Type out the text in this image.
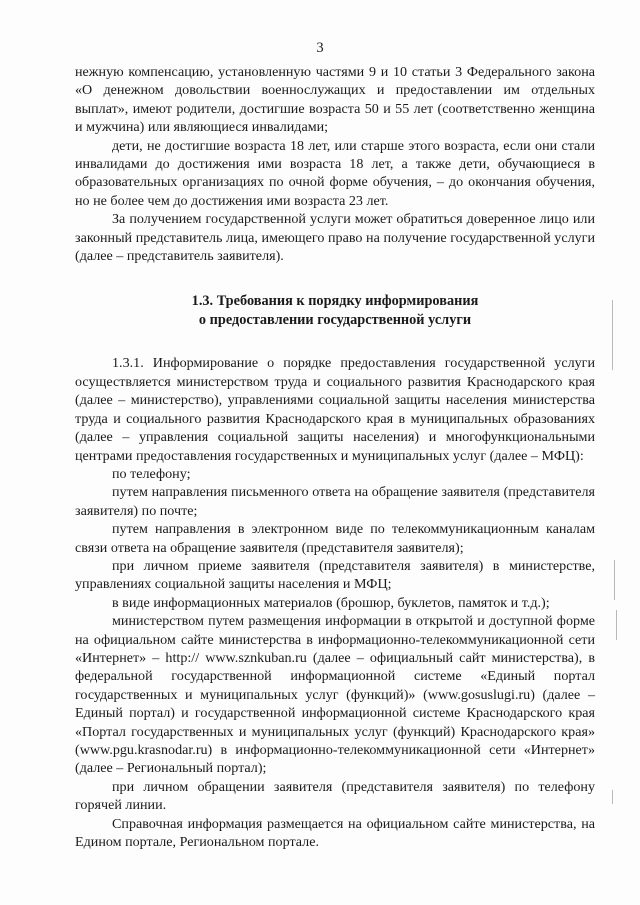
3

нежную компенсацию, установленную частями 9 и 10 статьи 3 Федерального закона «О денежном довольствии военнослужащих и предоставлении им отдельных выплат», имеют родители, достигшие возраста 50 и 55 лет (соответственно женщина и мужчина) или являющиеся инвалидами;

дети, не достигшие возраста 18 лет, или старше этого возраста, если они стали инвалидами до достижения ими возраста 18 лет, а также дети, обучающиеся в образовательных организациях по очной форме обучения, – до окончания обучения, но не более чем до достижения ими возраста 23 лет.

За получением государственной услуги может обратиться доверенное лицо или законный представитель лица, имеющего право на получение государственной услуги (далее – представитель заявителя).

1.3. Требования к порядку информирования
о предоставлении государственной услуги

1.3.1. Информирование о порядке предоставления государственной услуги осуществляется министерством труда и социального развития Краснодарского края (далее – министерство), управлениями социальной защиты населения министерства труда и социального развития Краснодарского края в муниципальных образованиях (далее – управления социальной защиты населения) и многофункциональными центрами предоставления государственных и муниципальных услуг (далее – МФЦ):

по телефону;

путем направления письменного ответа на обращение заявителя (представителя заявителя) по почте;

путем направления в электронном виде по телекоммуникационным каналам связи ответа на обращение заявителя (представителя заявителя);

при личном приеме заявителя (представителя заявителя) в министерстве, управлениях социальной защиты населения и МФЦ;

в виде информационных материалов (брошюр, буклетов, памяток и т.д.);

министерством путем размещения информации в открытой и доступной форме на официальном сайте министерства в информационно-телекоммуникационной сети «Интернет» – http:// www.sznkuban.ru (далее – официальный сайт министерства), в федеральной государственной информационной системе «Единый портал государственных и муниципальных услуг (функций)» (www.gosuslugi.ru) (далее – Единый портал) и государственной информационной системе Краснодарского края «Портал государственных и муниципальных услуг (функций) Краснодарского края» (www.pgu.krasnodar.ru) в информационно-телекоммуникационной сети «Интернет» (далее – Региональный портал);

при личном обращении заявителя (представителя заявителя) по телефону горячей линии.

Справочная информация размещается на официальном сайте министерства, на Едином портале, Региональном портале.
